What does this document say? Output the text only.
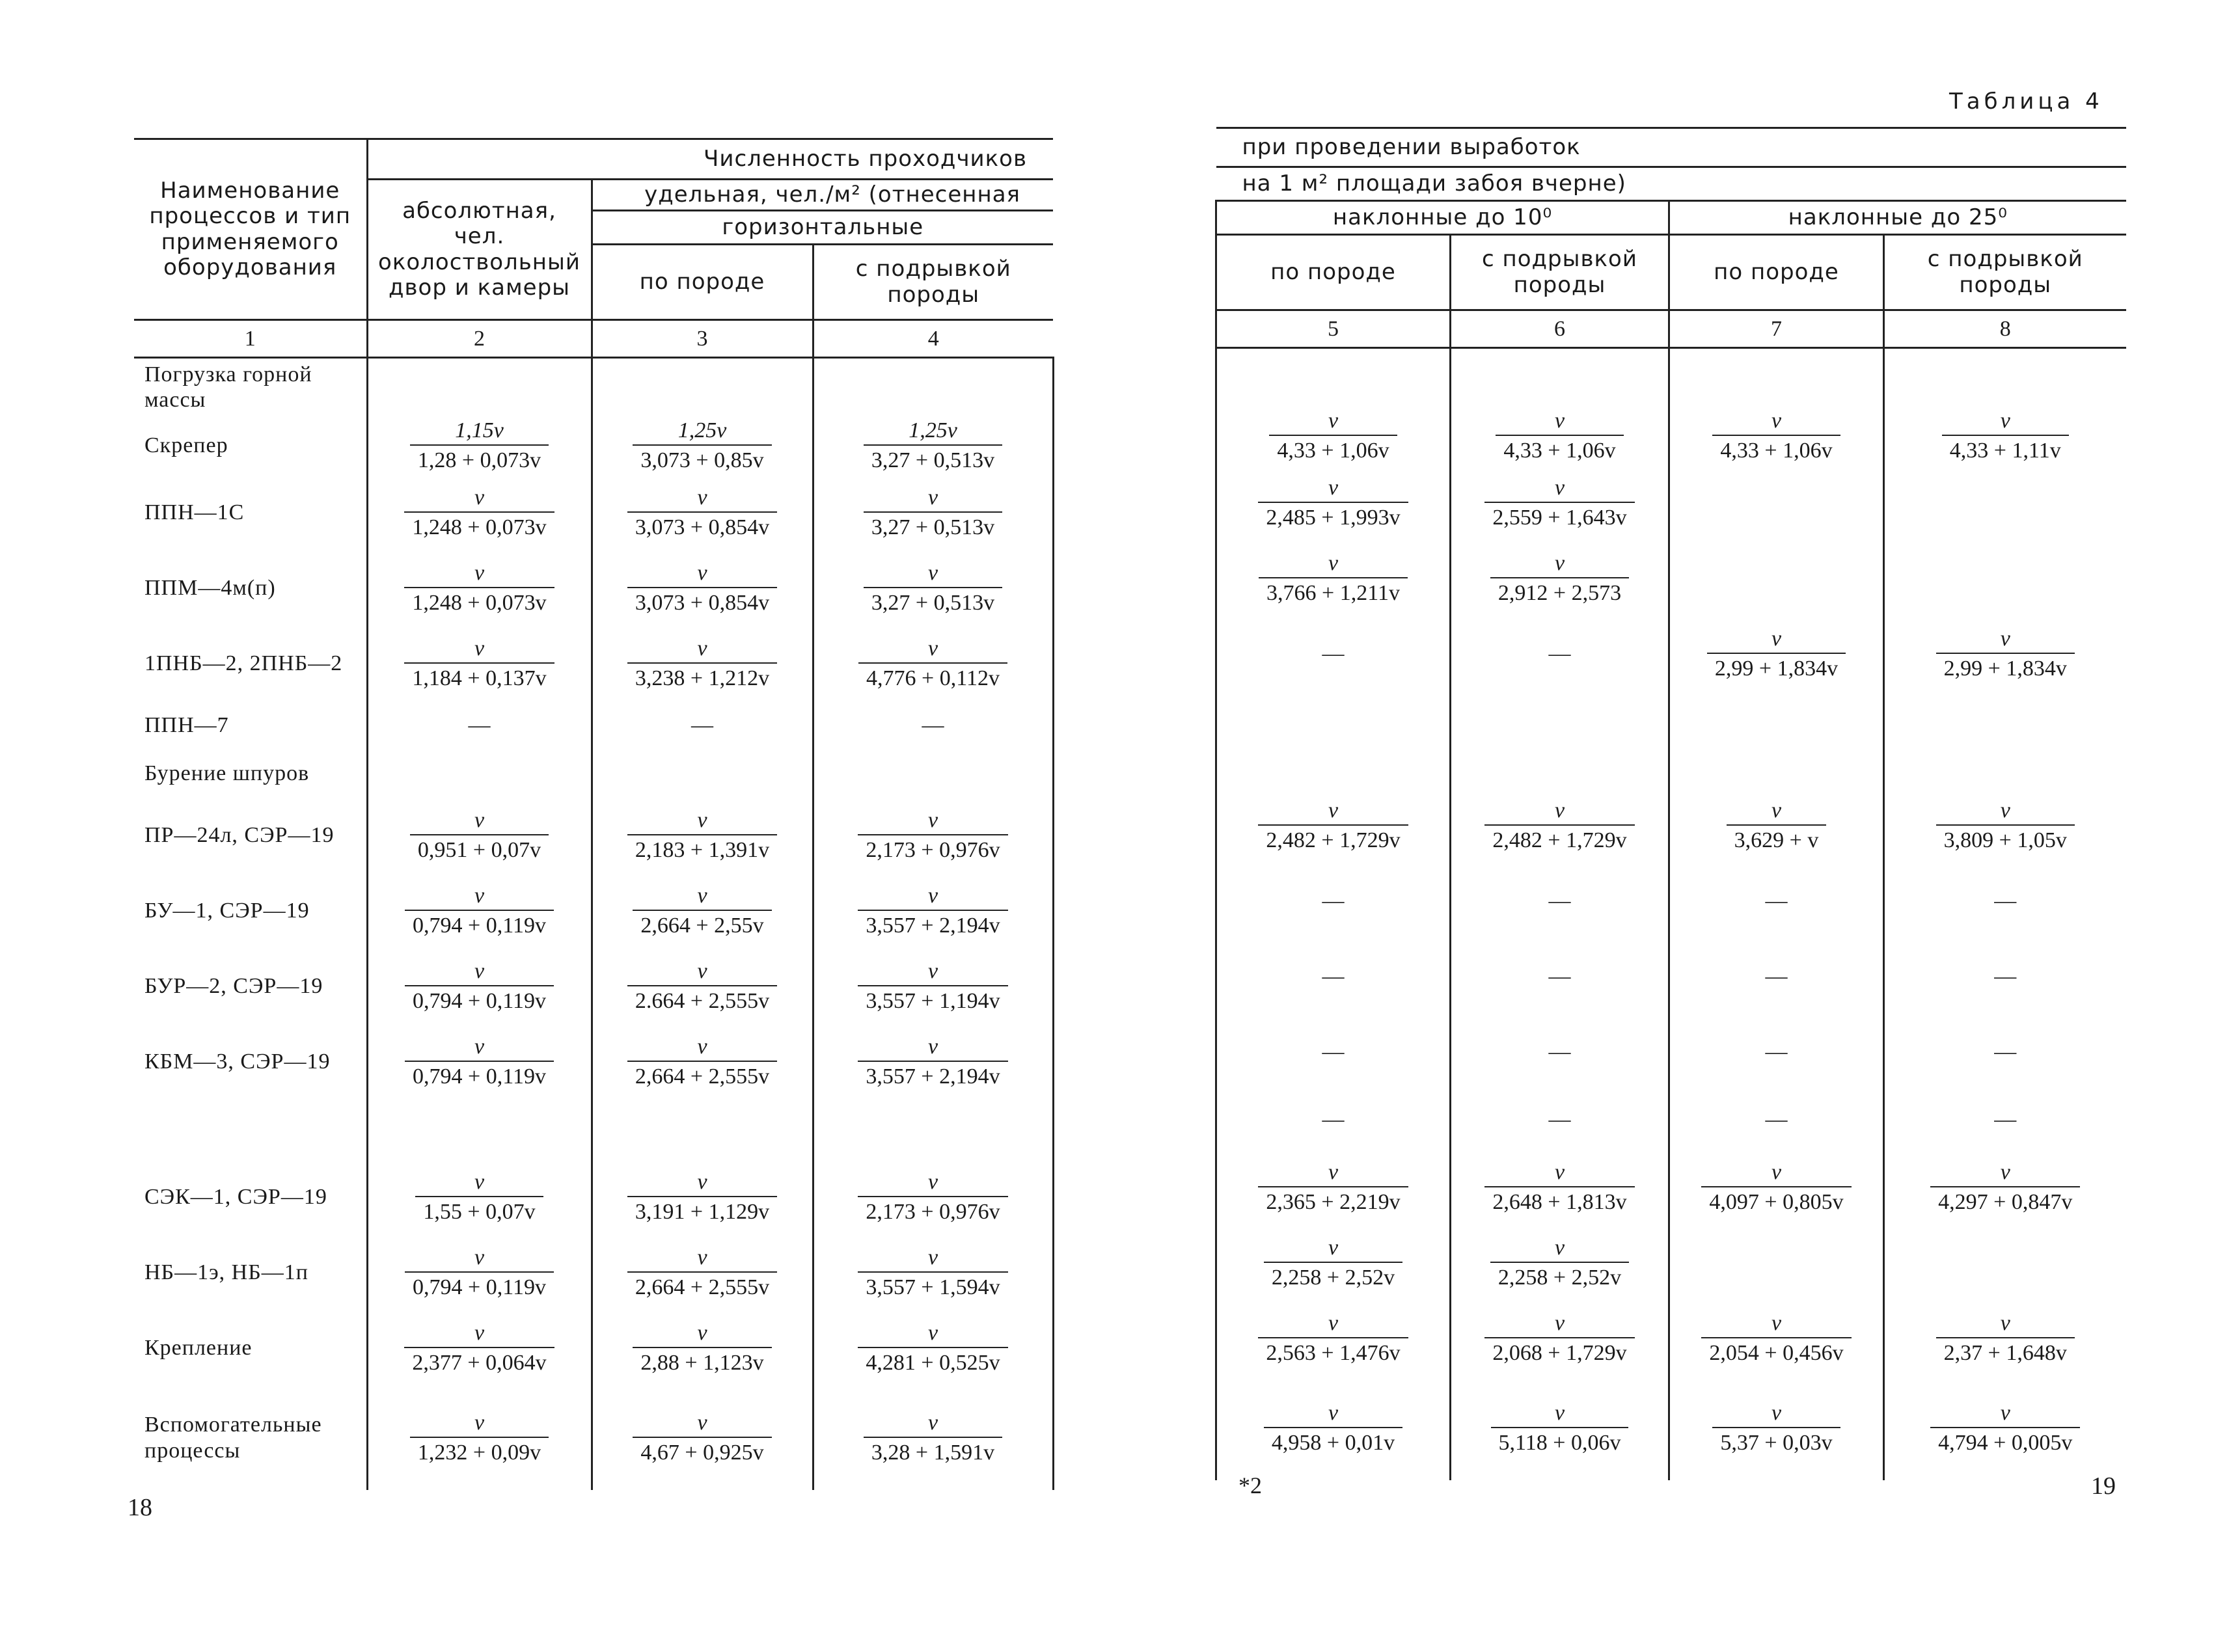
Наименование процессов и тип применяемого оборудования	Численность проходчиков		
	абсолютная, чел. околоствольный двор и камеры	удельная, чел./м² (отнесенная	
		горизонтальные	
		по породе	с подрывкой породы
1	2	3	4
Погрузка горной массы			
Скрепер	$\frac{1,15v}{1,28 + 0,073v}$	$\frac{1,25v}{3,073 + 0,85v}$	$\frac{1,25v}{3,27 + 0,513v}$

ППН—1С	$\frac{v}{1,248 + 0,073v}$	$\frac{v}{3,073 + 0,854v}$	$\frac{v}{3,27 + 0,513v}$

ППМ—4м(п)	$\frac{v}{1,248 + 0,073v}$	$\frac{v}{3,073 + 0,854v}$	$\frac{v}{3,27 + 0,513v}$

1ПНБ—2, 2ПНБ—2	$\frac{v}{1,184 + 0,137v}$	$\frac{v}{3,238 + 1,212v}$	$\frac{v}{4,776 + 0,112v}$

ППН—7	—	—	—
Бурение шпуров			
ПР—24л, СЭР—19	$\frac{v}{0,951 + 0,07v}$	$\frac{v}{2,183 + 1,391v}$	$\frac{v}{2,173 + 0,976v}$

БУ—1, СЭР—19	$\frac{v}{0,794 + 0,119v}$	$\frac{v}{2,664 + 2,55v}$	$\frac{v}{3,557 + 2,194v}$

БУР—2, СЭР—19	$\frac{v}{0,794 + 0,119v}$	$\frac{v}{2.664 + 2,555v}$	$\frac{v}{3,557 + 1,194v}$

КБМ—3, СЭР—19	$\frac{v}{0,794 + 0,119v}$	$\frac{v}{2,664 + 2,555v}$	$\frac{v}{3,557 + 2,194v}$

СЭК—1, СЭР—19	$\frac{v}{1,55 + 0,07v}$	$\frac{v}{3,191 + 1,129v}$	$\frac{v}{2,173 + 0,976v}$

НБ—1э, НБ—1п	$\frac{v}{0,794 + 0,119v}$	$\frac{v}{2,664 + 2,555v}$	$\frac{v}{3,557 + 1,594v}$

Крепление	$\frac{v}{2,377 + 0,064v}$	$\frac{v}{2,88 + 1,123v}$	$\frac{v}{4,281 + 0,525v}$

Вспомогательные процессы	$\frac{v}{1,232 + 0,09v}$	$\frac{v}{4,67 + 0,925v}$	$\frac{v}{3,28 + 1,591v}$
18
Таблица 4
при проведении выработок			
на 1 м² площади забоя вчерне)			
наклонные до 10⁰		наклонные до 25⁰	
по породе	с подрывкой породы	по породе	с подрывкой породы
5	6	7	8

$\frac{v}{4,33 + 1,06v}$	$\frac{v}{4,33 + 1,06v}$	$\frac{v}{4,33 + 1,06v}$	$\frac{v}{4,33 + 1,11v}$

$\frac{v}{2,485 + 1,993v}$	$\frac{v}{2,559 + 1,643v}$

$\frac{v}{3,766 + 1,211v}$	$\frac{v}{2,912 + 2,573}$

—	—	$\frac{v}{2,99 + 1,834v}$	$\frac{v}{2,99 + 1,834v}$

$\frac{v}{2,482 + 1,729v}$	$\frac{v}{2,482 + 1,729v}$	$\frac{v}{3,629 + v}$	$\frac{v}{3,809 + 1,05v}$

—	—	—	—
—	—	—	—
—	—	—	—
—	—	—	—

$\frac{v}{2,365 + 2,219v}$	$\frac{v}{2,648 + 1,813v}$	$\frac{v}{4,097 + 0,805v}$	$\frac{v}{4,297 + 0,847v}$

$\frac{v}{2,258 + 2,52v}$	$\frac{v}{2,258 + 2,52v}$

$\frac{v}{2,563 + 1,476v}$	$\frac{v}{2,068 + 1,729v}$	$\frac{v}{2,054 + 0,456v}$	$\frac{v}{2,37 + 1,648v}$

$\frac{v}{4,958 + 0,01v}$	$\frac{v}{5,118 + 0,06v}$	$\frac{v}{5,37 + 0,03v}$	$\frac{v}{4,794 + 0,005v}$
*2	19
